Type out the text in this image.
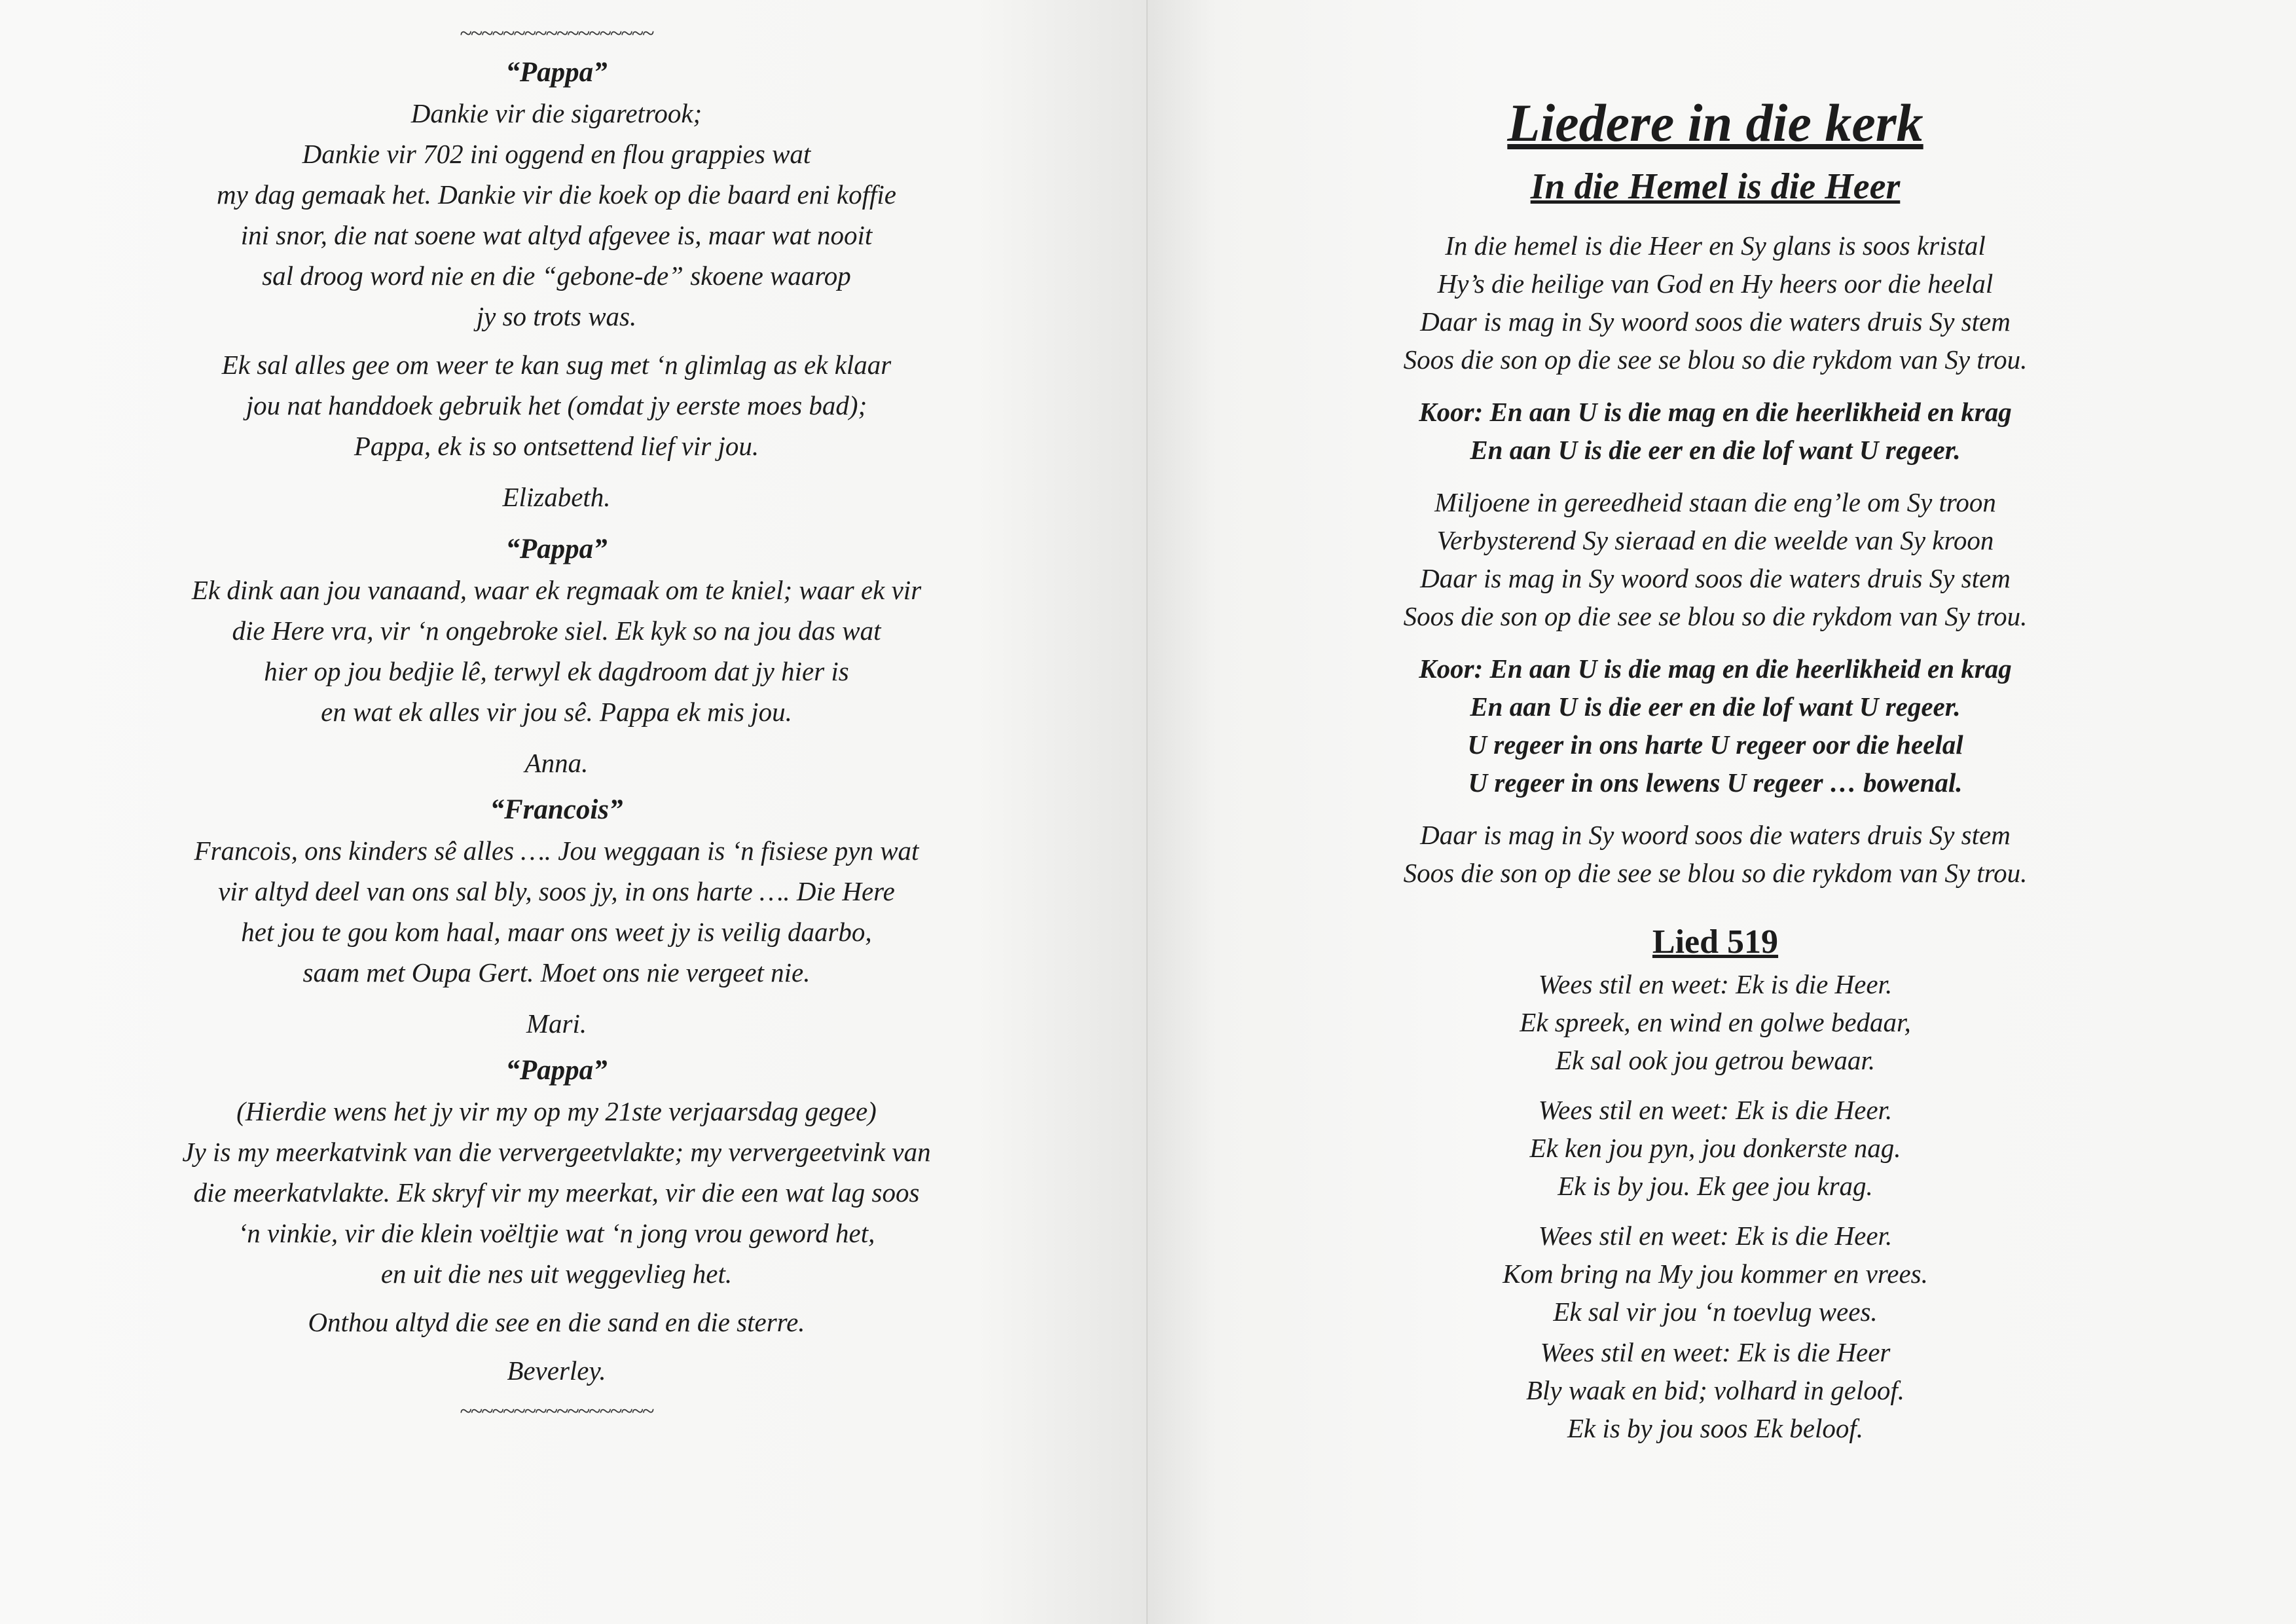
~~~~~~~~~~~~~~~~~~
“Pappa”
Dankie vir die sigaretrook;
Dankie vir 702 ini oggend en flou grappies wat
my dag gemaak het. Dankie vir die koek op die baard eni koffie
ini snor, die nat soene wat altyd afgevee is, maar wat nooit
sal droog word nie en die “gebone-de” skoene waarop
jy so trots was.
Ek sal alles gee om weer te kan sug met ‘n glimlag as ek klaar
jou nat handdoek gebruik het (omdat jy eerste moes bad);
Pappa, ek is so ontsettend lief vir jou.
Elizabeth.
“Pappa”
Ek dink aan jou vanaand, waar ek regmaak om te kniel; waar ek vir
die Here vra, vir ‘n ongebroke siel. Ek kyk so na jou das wat
hier op jou bedjie lê, terwyl ek dagdroom dat jy hier is
en wat ek alles vir jou sê. Pappa ek mis jou.
Anna.
“Francois”
Francois, ons kinders sê alles …. Jou weggaan is ‘n fisiese pyn wat
vir altyd deel van ons sal bly, soos jy, in ons harte …. Die Here
het jou te gou kom haal, maar ons weet jy is veilig daarbo,
saam met Oupa Gert. Moet ons nie vergeet nie.
Mari.
“Pappa”
(Hierdie wens het jy vir my op my 21ste verjaarsdag gegee)
Jy is my meerkatvink van die ververgeetvlakte; my ververgeetvink van
die meerkatvlakte. Ek skryf vir my meerkat, vir die een wat lag soos
‘n vinkie, vir die klein voëltjie wat ‘n jong vrou geword het,
en uit die nes uit weggevlieg het.
Onthou altyd die see en die sand en die sterre.
Beverley.
~~~~~~~~~~~~~~~~~~
Liedere in die kerk
In die Hemel is die Heer
In die hemel is die Heer en Sy glans is soos kristal
Hy’s die heilige van God en Hy heers oor die heelal
Daar is mag in Sy woord soos die waters druis Sy stem
Soos die son op die see se blou so die rykdom van Sy trou.
Koor: En aan U is die mag en die heerlikheid en krag
En aan U is die eer en die lof want U regeer.
Miljoene in gereedheid staan die eng’le om Sy troon
Verbysterend Sy sieraad en die weelde van Sy kroon
Daar is mag in Sy woord soos die waters druis Sy stem
Soos die son op die see se blou so die rykdom van Sy trou.
Koor: En aan U is die mag en die heerlikheid en krag
En aan U is die eer en die lof want U regeer.
U regeer in ons harte U regeer oor die heelal
U regeer in ons lewens U regeer … bowenal.
Daar is mag in Sy woord soos die waters druis Sy stem
Soos die son op die see se blou so die rykdom van Sy trou.
Lied 519
Wees stil en weet: Ek is die Heer.
Ek spreek, en wind en golwe bedaar,
Ek sal ook jou getrou bewaar.
Wees stil en weet: Ek is die Heer.
Ek ken jou pyn, jou donkerste nag.
Ek is by jou. Ek gee jou krag.
Wees stil en weet: Ek is die Heer.
Kom bring na My jou kommer en vrees.
Ek sal vir jou ‘n toevlug wees.
Wees stil en weet: Ek is die Heer
Bly waak en bid; volhard in geloof.
Ek is by jou soos Ek beloof.
